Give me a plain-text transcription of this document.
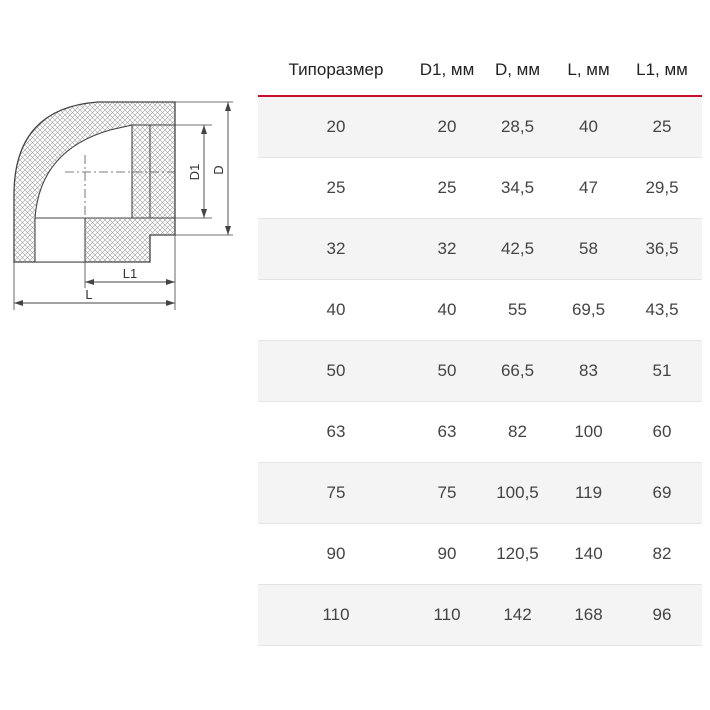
D1 D
L1
L
Типоразмер	D1, мм	D, мм	L, мм	L1, мм
20	20	28,5	40	25
25	25	34,5	47	29,5
32	32	42,5	58	36,5
40	40	55	69,5	43,5
50	50	66,5	83	51
63	63	82	100	60
75	75	100,5	119	69
90	90	120,5	140	82
110	110	142	168	96
